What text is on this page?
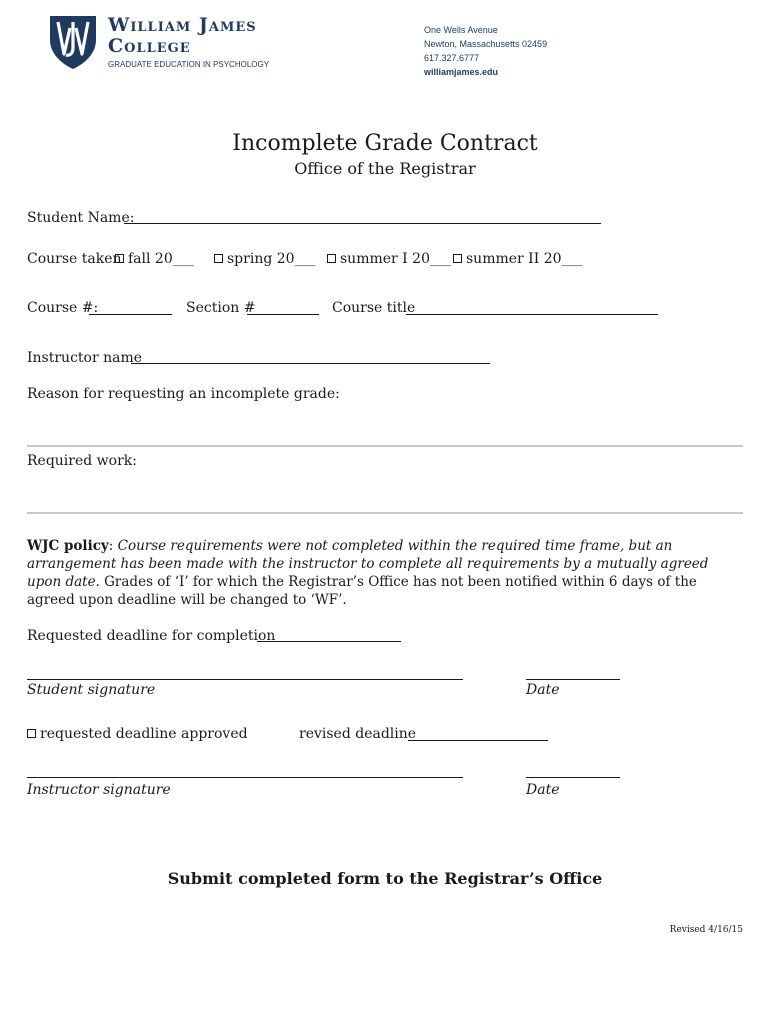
William James
College
GRADUATE EDUCATION IN PSYCHOLOGY
One Wells Avenue
Newton, Massachusetts 02459
617.327.6777
williamjames.edu
Incomplete Grade Contract
Office of the Registrar
Student Name:
Course taken fall 20___	spring 20___	summer I 20___	summer II 20___
Course #:	Section #	Course title
Instructor name
Reason for requesting an incomplete grade:
Required work:
WJC policy: Course requirements were not completed within the required time frame, but an arrangement has been made with the instructor to complete all requirements by a mutually agreed upon date. Grades of ‘I’ for which the Registrar’s Office has not been notified within 6 days of the agreed upon deadline will be changed to ‘WF’.
Requested deadline for completion
Student signature	Date
requested deadline approved	revised deadline
Instructor signature	Date
Submit completed form to the Registrar’s Office
Revised 4/16/15
